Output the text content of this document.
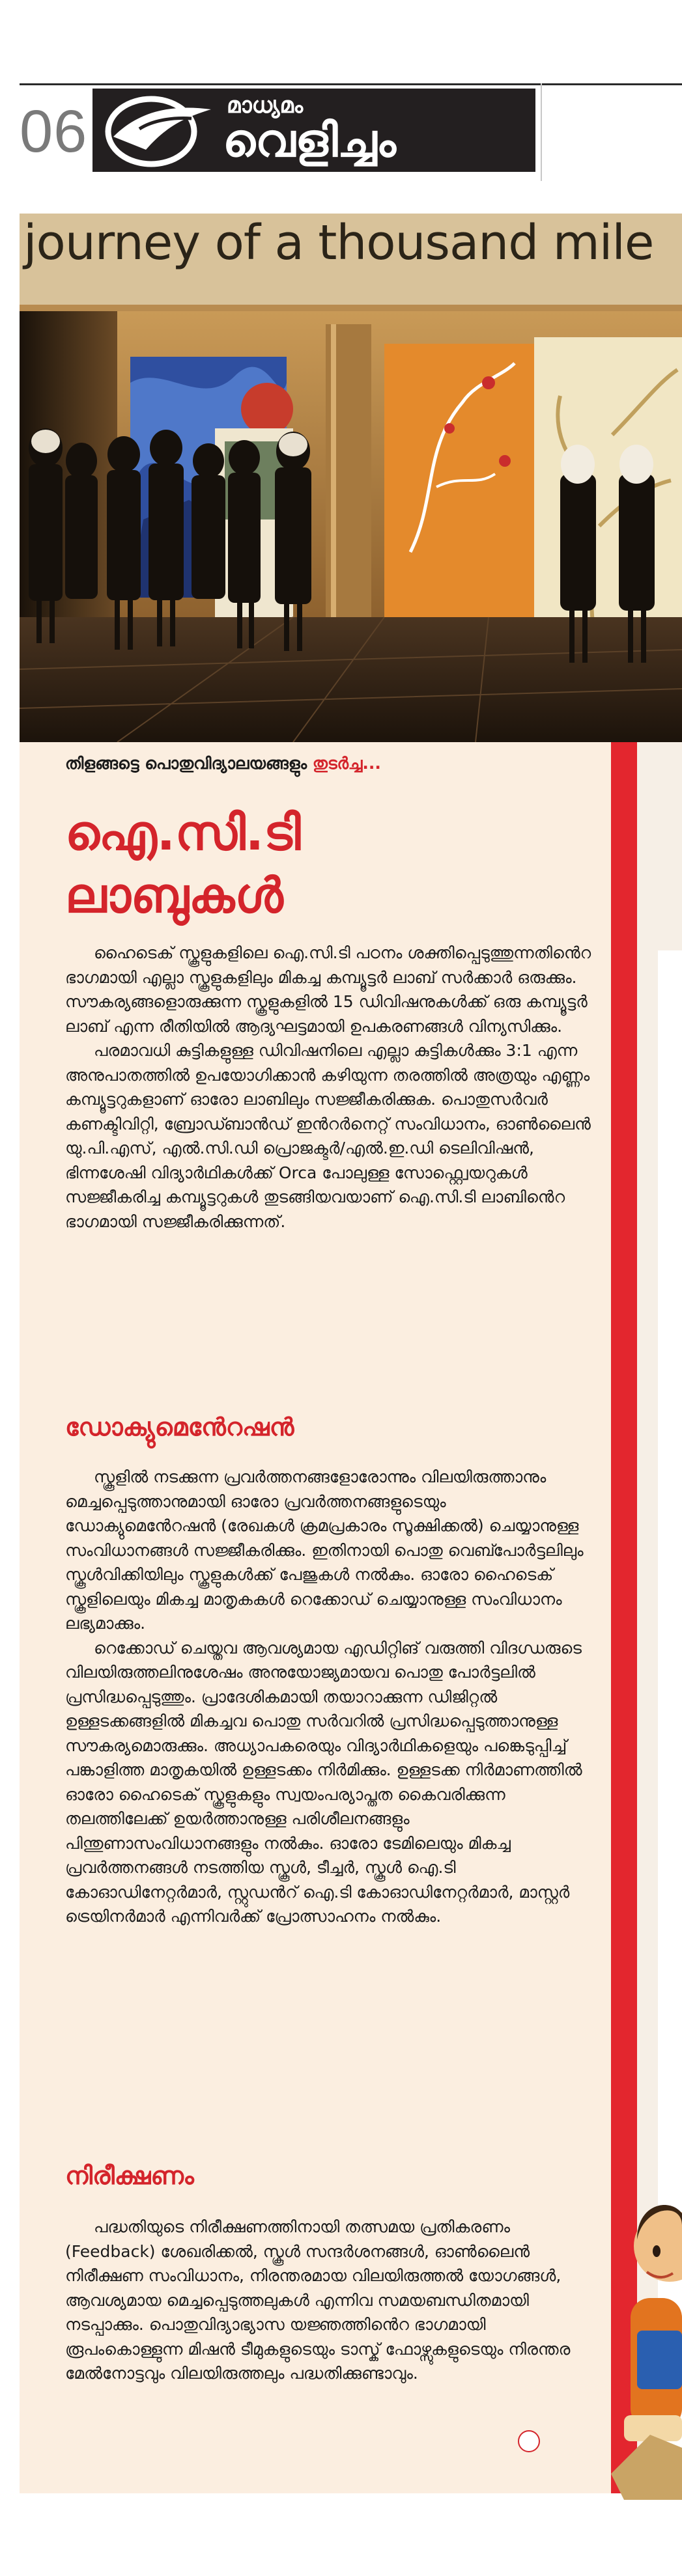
06	മാധ്യമം
വെളിച്ചം
journey of a thousand mile
തിളങ്ങട്ടെ പൊതുവിദ്യാലയങ്ങളും തുടർച്ച...
ഐ.സി.ടി
ലാബുകൾ

ഹൈടെക് സ്കൂളുകളിലെ ഐ.സി.ടി പഠനം ശക്തിപ്പെടുത്തുന്നതിൻെറ ഭാഗമായി എല്ലാ സ്കൂളുകളിലും മികച്ച കമ്പ്യൂട്ടർ ലാബ് സർക്കാർ ഒരുക്കും. സൗകര്യങ്ങളൊരുക്കുന്ന സ്കൂളുകളിൽ 15 ഡിവിഷനുകൾക്ക് ഒരു കമ്പ്യൂട്ടർ ലാബ് എന്ന രീതിയിൽ ആദ്യഘട്ടമായി ഉപകരണങ്ങൾ വിന്യസിക്കും.

പരമാവധി കുട്ടികളുള്ള ഡിവിഷനിലെ എല്ലാ കുട്ടികൾക്കും 3:1 എന്ന അനുപാതത്തിൽ ഉപയോഗിക്കാൻ കഴിയുന്ന തരത്തിൽ അത്രയും എണ്ണം കമ്പ്യൂട്ടറുകളാണ് ഓരോ ലാബിലും സജ്ജീകരിക്കുക. പൊതുസർവർ കണക്ടിവിറ്റി, ബ്രോഡ്ബാൻഡ് ഇൻറർനെറ്റ് സംവിധാനം, ഓൺലൈൻ യു.പി.എസ്, എൽ.സി.ഡി പ്രൊജക്ടർ/എൽ.ഇ.ഡി ടെലിവിഷൻ, ഭിന്നശേഷി വിദ്യാർഥികൾക്ക് Orca പോലുള്ള സോഫ്റ്റ്വെയറുകൾ സജ്ജീകരിച്ച കമ്പ്യൂട്ടറുകൾ തുടങ്ങിയവയാണ് ഐ.സി.ടി ലാബിൻെറ ഭാഗമായി സജ്ജീകരിക്കുന്നത്.

ഡോക്യുമെൻേറഷൻ

സ്കൂളിൽ നടക്കുന്ന പ്രവർത്തനങ്ങളോരോന്നും വിലയിരുത്താനും മെച്ചപ്പെടുത്താനുമായി ഓരോ പ്രവർത്തനങ്ങളുടെയും ഡോക്യുമെൻേറഷൻ (രേഖകൾ ക്രമപ്രകാരം സൂക്ഷിക്കൽ) ചെയ്യാനുള്ള സംവിധാനങ്ങൾ സജ്ജീകരിക്കും. ഇതിനായി പൊതു വെബ്പോർട്ടലിലും സ്കൂൾവിക്കിയിലും സ്കൂളുകൾക്ക് പേജുകൾ നൽകും. ഓരോ ഹൈടെക് സ്കൂളിലെയും മികച്ച മാതൃകകൾ റെക്കോഡ് ചെയ്യാനുള്ള സംവിധാനം ലഭ്യമാക്കും.

റെക്കോഡ് ചെയ്തവ ആവശ്യമായ എഡിറ്റിങ് വരുത്തി വിദഗ്ധരുടെ വിലയിരുത്തലിനുശേഷം അനുയോജ്യമായവ പൊതു പോർട്ടലിൽ പ്രസിദ്ധപ്പെടുത്തും. പ്രാദേശികമായി തയാറാക്കുന്ന ഡിജിറ്റൽ ഉള്ളടക്കങ്ങളിൽ മികച്ചവ പൊതു സർവറിൽ പ്രസിദ്ധപ്പെടുത്താനുള്ള സൗകര്യമൊരുക്കും. അധ്യാപകരെയും വിദ്യാർഥികളെയും പങ്കെടുപ്പിച്ച് പങ്കാളിത്ത മാതൃകയിൽ ഉള്ളടക്കം നിർമിക്കും. ഉള്ളടക്ക നിർമാണത്തിൽ ഓരോ ഹൈടെക് സ്കൂളുകളും സ്വയംപര്യാപ്തത കൈവരിക്കുന്ന തലത്തിലേക്ക് ഉയർത്താനുള്ള പരിശീലനങ്ങളും പിന്തുണാസംവിധാനങ്ങളും നൽകും. ഓരോ ടേമിലെയും മികച്ച പ്രവർത്തനങ്ങൾ നടത്തിയ സ്കൂൾ, ടീച്ചർ, സ്കൂൾ ഐ.ടി കോഓഡിനേറ്റർമാർ, സ്റ്റുഡൻറ് ഐ.ടി കോഓഡിനേറ്റർമാർ, മാസ്റ്റർ ട്രെയിനർമാർ എന്നിവർക്ക് പ്രോത്സാഹനം നൽകും.

നിരീക്ഷണം

പദ്ധതിയുടെ നിരീക്ഷണത്തിനായി തത്സമയ പ്രതികരണം (Feedback) ശേഖരിക്കൽ, സ്കൂൾ സന്ദർശനങ്ങൾ, ഓൺലൈൻ നിരീക്ഷണ സംവിധാനം, നിരന്തരമായ വിലയിരുത്തൽ യോഗങ്ങൾ, ആവശ്യമായ മെച്ചപ്പെടുത്തലുകൾ എന്നിവ സമയബന്ധിതമായി നടപ്പാക്കും. പൊതുവിദ്യാഭ്യാസ യജ്ഞത്തിൻെറ ഭാഗമായി രൂപംകൊള്ളുന്ന മിഷൻ ടീമുകളുടെയും ടാസ്ക് ഫോഴ്സുകളുടെയും നിരന്തര മേൽനോട്ടവും വിലയിരുത്തലും പദ്ധതിക്കുണ്ടാവും.
